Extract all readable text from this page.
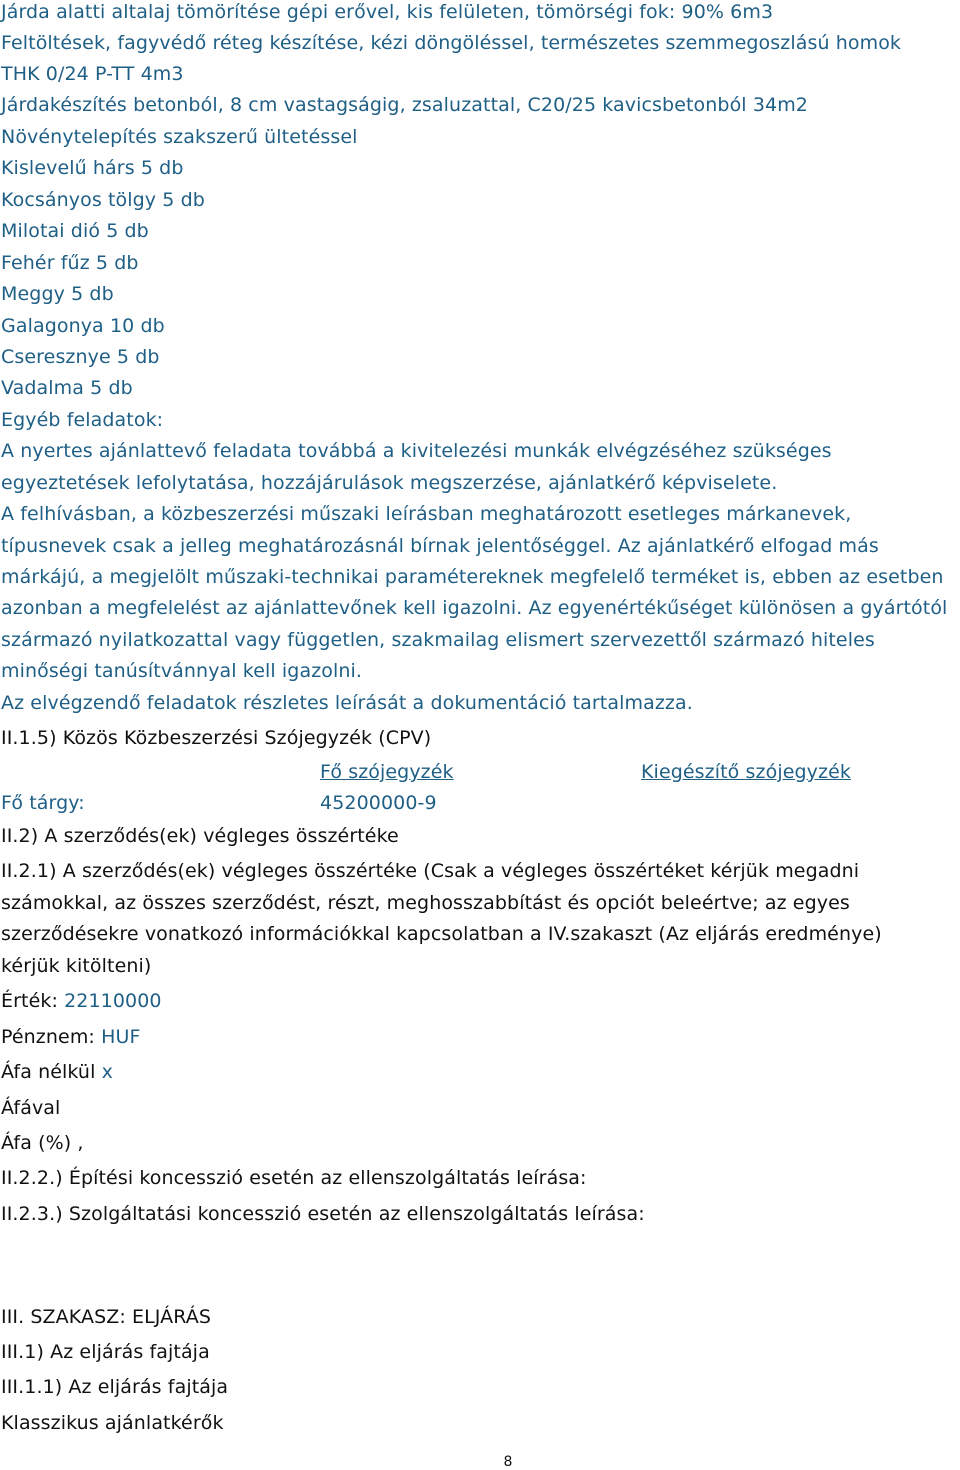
Járda alatti altalaj tömörítése gépi erővel, kis felületen, tömörségi fok: 90% 6m3
Feltöltések, fagyvédő réteg készítése, kézi döngöléssel, természetes szemmegoszlású homok
THK 0/24 P-TT 4m3
Járdakészítés betonból, 8 cm vastagságig, zsaluzattal, C20/25 kavicsbetonból 34m2
Növénytelepítés szakszerű ültetéssel
Kislevelű hárs 5 db
Kocsányos tölgy 5 db
Milotai dió 5 db
Fehér fűz 5 db
Meggy 5 db
Galagonya 10 db
Cseresznye 5 db
Vadalma 5 db
Egyéb feladatok:
A nyertes ajánlattevő feladata továbbá a kivitelezési munkák elvégzéséhez szükséges
egyeztetések lefolytatása, hozzájárulások megszerzése, ajánlatkérő képviselete.
A felhívásban, a közbeszerzési műszaki leírásban meghatározott esetleges márkanevek,
típusnevek csak a jelleg meghatározásnál bírnak jelentőséggel. Az ajánlatkérő elfogad más
márkájú, a megjelölt műszaki-technikai paramétereknek megfelelő terméket is, ebben az esetben
azonban a megfelelést az ajánlattevőnek kell igazolni. Az egyenértékűséget különösen a gyártótól
származó nyilatkozattal vagy független, szakmailag elismert szervezettől származó hiteles
minőségi tanúsítvánnyal kell igazolni.
Az elvégzendő feladatok részletes leírását a dokumentáció tartalmazza.
II.1.5) Közös Közbeszerzési Szójegyzék (CPV)
Fő szójegyzék	Kiegészítő szójegyzék
Fő tárgy:	45200000-9
II.2) A szerződés(ek) végleges összértéke
II.2.1) A szerződés(ek) végleges összértéke (Csak a végleges összértéket kérjük megadni
számokkal, az összes szerződést, részt, meghosszabbítást és opciót beleértve; az egyes
szerződésekre vonatkozó információkkal kapcsolatban a IV.szakaszt (Az eljárás eredménye)
kérjük kitölteni)
Érték: 22110000
Pénznem: HUF
Áfa nélkül x
Áfával
Áfa (%) ,
II.2.2.) Építési koncesszió esetén az ellenszolgáltatás leírása:
II.2.3.) Szolgáltatási koncesszió esetén az ellenszolgáltatás leírása:
III. SZAKASZ: ELJÁRÁS
III.1) Az eljárás fajtája
III.1.1) Az eljárás fajtája
Klasszikus ajánlatkérők
8
